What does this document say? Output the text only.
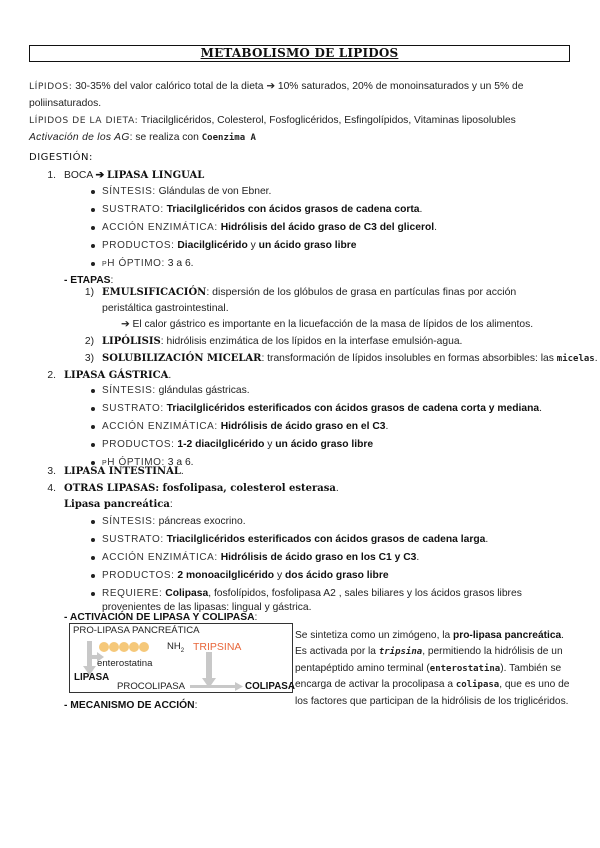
METABOLISMO DE LIPIDOS
LÍPIDOS: 30-35% del valor calórico total de la dieta ➔ 10% saturados, 20% de monoinsaturados y un 5% de
poliinsaturados.
LÍPIDOS DE LA DIETA: Triacilglicéridos, Colesterol, Fosfoglicéridos, Esfingolípidos, Vitaminas liposolubles
Activación de los AG: se realiza con Coenzima A
DIGESTIÓN:
1. BOCA ➔ LIPASA LINGUAL
SÍNTESIS: Glándulas de von Ebner.
SUSTRATO: Triacilglicéridos con ácidos grasos de cadena corta.
ACCIÓN ENZIMÁTICA: Hidrólisis del ácido graso de C3 del glicerol.
PRODUCTOS: Diacilglicérido y un ácido graso libre
pH ÓPTIMO: 3 a 6.
- ETAPAS:
1) EMULSIFICACIÓN: dispersión de los glóbulos de grasa en partículas finas por acción
peristáltica gastrointestinal.
➔ El calor gástrico es importante en la licuefacción de la masa de lípidos de los alimentos.
2) LIPÓLISIS: hidrólisis enzimática de los lípidos en la interfase emulsión-agua.
3) SOLUBILIZACIÓN MICELAR: transformación de lípidos insolubles en formas absorbibles: las micelas.
2. LIPASA GÁSTRICA.
SÍNTESIS: glándulas gástricas.
SUSTRATO: Triacilglicéridos esterificados con ácidos grasos de cadena corta y mediana.
ACCIÓN ENZIMÁTICA: Hidrólisis de ácido graso en el C3.
PRODUCTOS: 1-2 diacilglicérido y un ácido graso libre
pH ÓPTIMO: 3 a 6.
3. LIPASA INTESTINAL.
4. OTRAS LIPASAS: fosfolipasa, colesterol esterasa.
Lipasa pancreática:
SÍNTESIS: páncreas exocrino.
SUSTRATO: Triacilglicéridos esterificados con ácidos grasos de cadena larga.
ACCIÓN ENZIMÁTICA: Hidrólisis de ácido graso en los C1 y C3.
PRODUCTOS: 2 monoacilglicérido y dos ácido graso libre
REQUIERE: Colipasa, fosfolípidos, fosfolipasa A2 , sales biliares y los ácidos grasos libres
provenientes de las lipasas: lingual y gástrica.
- ACTIVACIÓN DE LIPASA Y COLIPASA:
PRO-LIPASA PANCREÁTICA
$NH_2$ TRIPSINA
enterostatina
LIPASA
PROCOLIPASA	COLIPASA
Se sintetiza como un zimógeno, la pro-lipasa pancreática. Es activada por la tripsina, permitiendo la hidrólisis de un pentapéptido amino terminal (enterostatina). También se encarga de activar la procolipasa a colipasa, que es uno de los factores que participan de la hidrólisis de los triglicéridos.
- MECANISMO DE ACCIÓN:
